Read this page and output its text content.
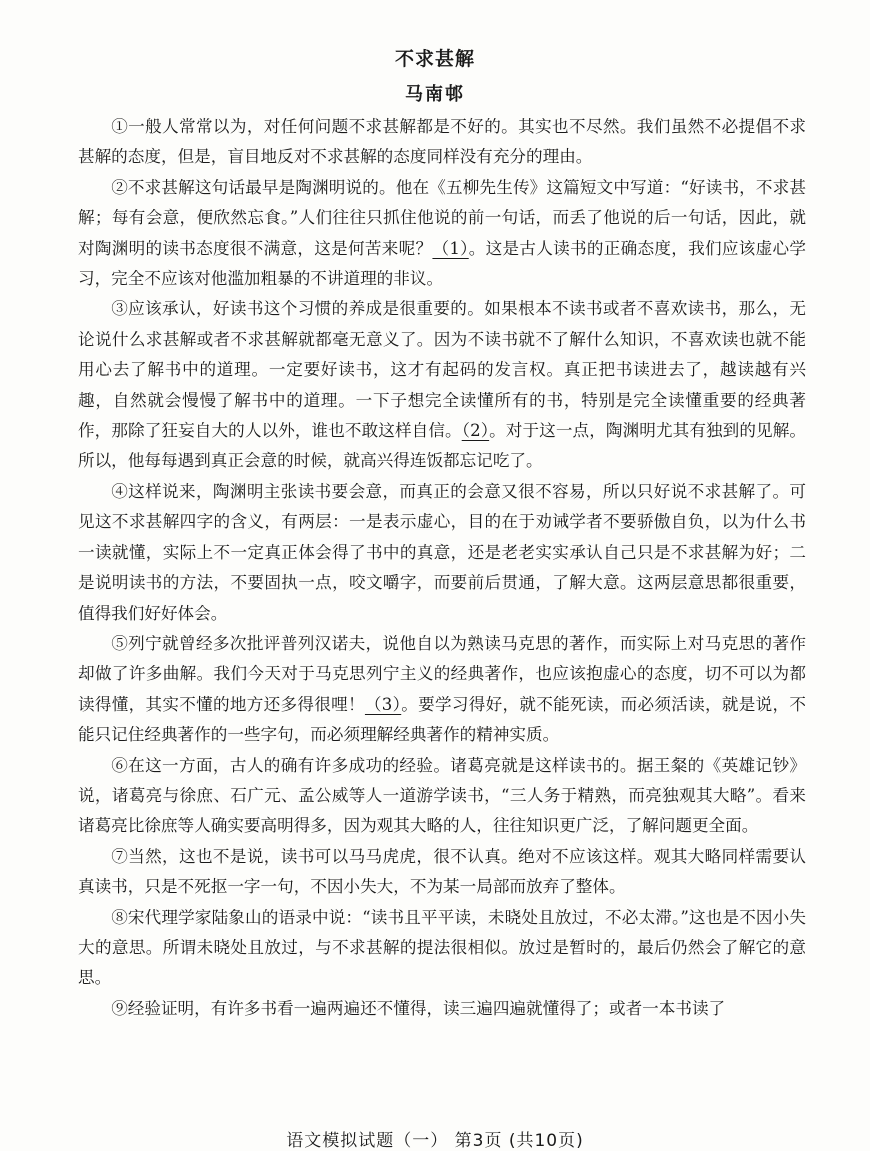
不求甚解
马南邨

①一般人常常以为，对任何问题不求甚解都是不好的。其实也不尽然。我们虽然不必提倡不求甚解的态度，但是，盲目地反对不求甚解的态度同样没有充分的理由。

②不求甚解这句话最早是陶渊明说的。他在《五柳先生传》这篇短文中写道：“好读书，不求甚解；每有会意，便欣然忘食。”人们往往只抓住他说的前一句话，而丢了他说的后一句话，因此，就对陶渊明的读书态度很不满意，这是何苦来呢？（1）。这是古人读书的正确态度，我们应该虚心学习，完全不应该对他滥加粗暴的不讲道理的非议。

③应该承认，好读书这个习惯的养成是很重要的。如果根本不读书或者不喜欢读书，那么，无论说什么求甚解或者不求甚解就都毫无意义了。因为不读书就不了解什么知识，不喜欢读也就不能用心去了解书中的道理。一定要好读书，这才有起码的发言权。真正把书读进去了，越读越有兴趣，自然就会慢慢了解书中的道理。一下子想完全读懂所有的书，特别是完全读懂重要的经典著作，那除了狂妄自大的人以外，谁也不敢这样自信。（2）。对于这一点，陶渊明尤其有独到的见解。所以，他每每遇到真正会意的时候，就高兴得连饭都忘记吃了。

④这样说来，陶渊明主张读书要会意，而真正的会意又很不容易，所以只好说不求甚解了。可见这不求甚解四字的含义，有两层：一是表示虚心，目的在于劝诫学者不要骄傲自负，以为什么书一读就懂，实际上不一定真正体会得了书中的真意，还是老老实实承认自己只是不求甚解为好；二是说明读书的方法，不要固执一点，咬文嚼字，而要前后贯通，了解大意。这两层意思都很重要，值得我们好好体会。

⑤列宁就曾经多次批评普列汉诺夫，说他自以为熟读马克思的著作，而实际上对马克思的著作却做了许多曲解。我们今天对于马克思列宁主义的经典著作，也应该抱虚心的态度，切不可以为都读得懂，其实不懂的地方还多得很哩！（3）。要学习得好，就不能死读，而必须活读，就是说，不能只记住经典著作的一些字句，而必须理解经典著作的精神实质。

⑥在这一方面，古人的确有许多成功的经验。诸葛亮就是这样读书的。据王粲的《英雄记钞》说，诸葛亮与徐庶、石广元、孟公威等人一道游学读书，“三人务于精熟，而亮独观其大略”。看来诸葛亮比徐庶等人确实要高明得多，因为观其大略的人，往往知识更广泛，了解问题更全面。

⑦当然，这也不是说，读书可以马马虎虎，很不认真。绝对不应该这样。观其大略同样需要认真读书，只是不死抠一字一句，不因小失大，不为某一局部而放弃了整体。

⑧宋代理学家陆象山的语录中说：“读书且平平读，未晓处且放过，不必太滞。”这也是不因小失大的意思。所谓未晓处且放过，与不求甚解的提法很相似。放过是暂时的，最后仍然会了解它的意思。

⑨经验证明，有许多书看一遍两遍还不懂得，读三遍四遍就懂得了；或者一本书读了

语文模拟试题（一） 第3页 (共10页)
